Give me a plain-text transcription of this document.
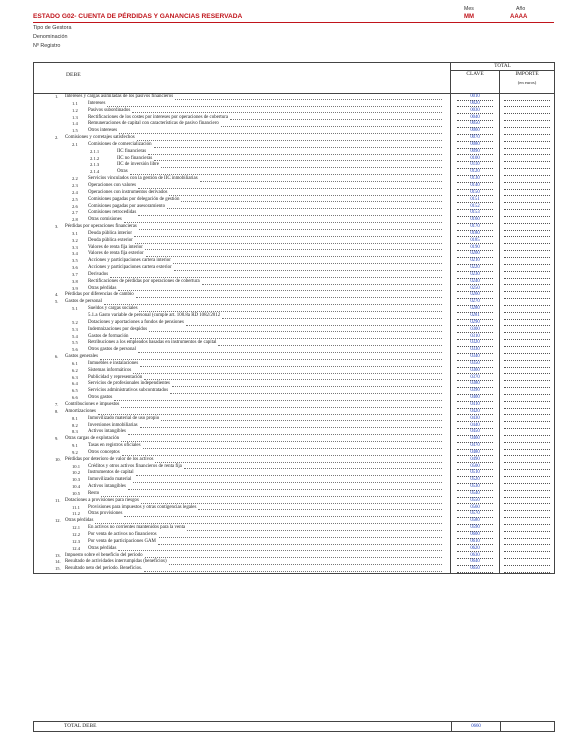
ESTADO G02- CUENTA DE PÉRDIDAS Y GANANCIAS RESERVADA
Mes
MM
Año
AAAA
Tipo de Gestora
Denominación
Nº Registro
DEBE
TOTAL
CLAVE	IMPORTE
(en euros)
1. Intereses y cargas asimiladas de los pasivos financieros	0010
1.1 Intereses	0020
1.2 Pasivos subordinados	0030
1.3 Rectificaciones de los costes por intereses por operaciones de cobertura	0040
1.4 Remuneraciones de capital con características de pasivo financiero	0050
1.5 Otros intereses	0060
2. Comisiones y corretajes satisfechos	0070
2.1 Comisiones de comercialización	0080
2.1.1	IIC financieras	0090
2.1.2	IIC no financieras	0100
2.1.3	IIC de inversión libre	0110
2.1.4	Otras	0120
2.2 Servicios vinculados con la gestión de IIC inmobiliarias	0130
2.3 Operaciones con valores	0140
2.4 Operaciones con instrumentos derivados	0150
2.5 Comisiones pagadas por delegación de gestión	0151
2.6 Comisiones pagadas por asesoramiento	0152
2.7 Comisiones retrocedidas	0153
2.8 Otras comisiones	0160
3. Pérdidas por operaciones financieras	0170
3.1 Deuda pública interior	0180
3.2 Deuda pública exterior	0185
3.3 Valores de renta fija interior	0190
3.4 Valores de renta fija exterior	0200
3.5 Acciones y participaciones cartera interior	0210
3.6 Acciones y participaciones cartera exterior	0220
3.7 Derivados	0230
3.8 Rectificaciones de pérdidas por operaciones de cobertura	0240
3.9 Otras pérdidas	0250
4. Pérdidas por diferencias de cambio	0260
5. Gastos de personal	0270
5.1 Sueldos y cargas sociales	0280
5.1.a Gasto variable de personal (cumple art. 100.8a RD 1082/2012	0281
5.2 Dotaciones y aportaciones a fondos de pensiones	0290
5.3 Indemnizaciones por despidos	0300
5.4 Gastos de formación	0310
5.5 Retribuciones a los empleados basadas en instrumentos de capital	0320
5.6 Otros gastos de personal	0330
6. Gastos generales	0340
6.1 Inmuebles e instalaciones	0350
6.2 Sistemas informáticos	0360
6.3 Publicidad y representación	0370
6.4 Servicios de profesionales independientes	0380
6.5 Servicios administrativos subcontratados	0390
6.6 Otros gastos	0400
7. Contribuciones e impuestos	0410
8. Amortizaciones	0420
8.1 Inmovilizado material de uso propio	0430
8.2 Inversiones inmobiliarias	0440
8.3 Activos intangibles	0450
9. Otras cargas de explotación	0460
9.1 Tasas en registros oficiales	0470
9.2 Otros conceptos	0480
10. Pérdidas por deterioro de valor de los activos	0490
10.1 Créditos y otros activos financieros de renta fija	0500
10.2 Instrumentos de capital	0510
10.3 Inmovilizado material	0520
10.4 Activos intangibles	0530
10.5 Resto	0540
11. Dotaciones a provisiones para riesgos	0550
11.1 Provisiones para impuestos y otras contigencias legales	0560
11.2 Otras provisiones	0570
12. Otras pérdidas	0580
12.1 En activos no corrientes mantenidos para la venta	0590
12.2 Por venta de activos no financieros	0600
12.3 Por venta de participaciones GAM	0610
12.4 Otras pérdidas	0620
13. Impuesto sobre el beneficio del periodo	0630
14. Resultado de actividades interrumpidas (beneficios)	0640
15. Resultado neto del periodo. Beneficios.	0650
TOTAL DEBE	0660
